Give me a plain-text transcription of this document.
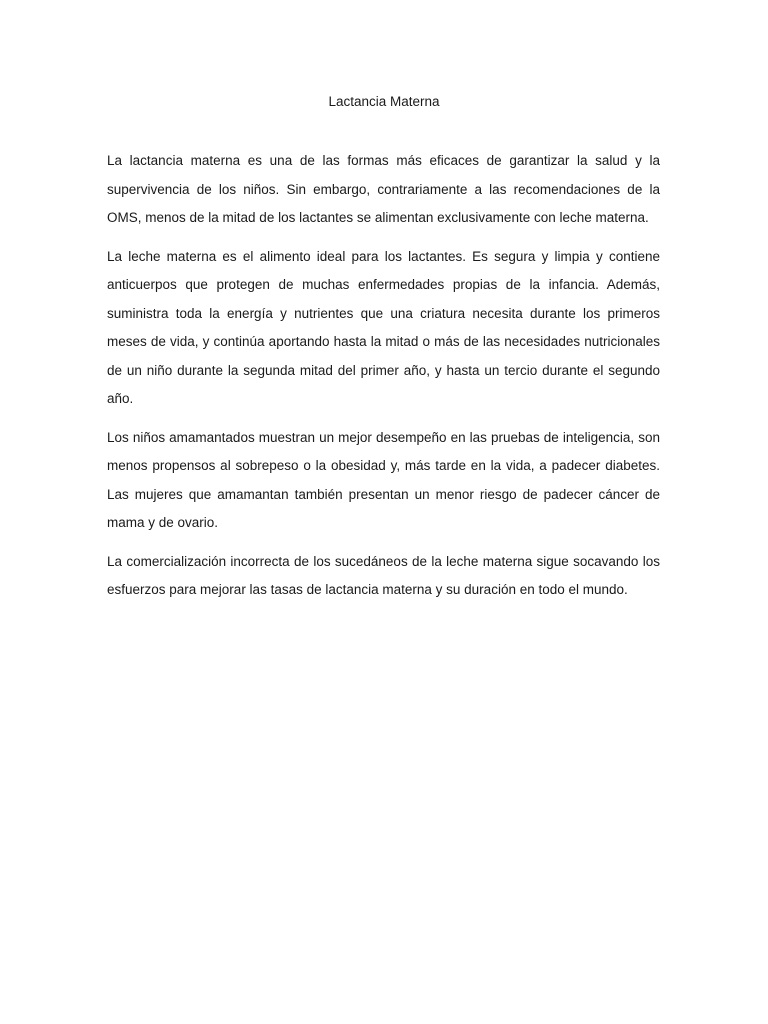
Lactancia Materna

La lactancia materna es una de las formas más eficaces de garantizar la salud y la supervivencia de los niños. Sin embargo, contrariamente a las recomendaciones de la OMS, menos de la mitad de los lactantes se alimentan exclusivamente con leche materna.

La leche materna es el alimento ideal para los lactantes. Es segura y limpia y contiene anticuerpos que protegen de muchas enfermedades propias de la infancia. Además, suministra toda la energía y nutrientes que una criatura necesita durante los primeros meses de vida, y continúa aportando hasta la mitad o más de las necesidades nutricionales de un niño durante la segunda mitad del primer año, y hasta un tercio durante el segundo año.

Los niños amamantados muestran un mejor desempeño en las pruebas de inteligencia, son menos propensos al sobrepeso o la obesidad y, más tarde en la vida, a padecer diabetes. Las mujeres que amamantan también presentan un menor riesgo de padecer cáncer de mama y de ovario.

La comercialización incorrecta de los sucedáneos de la leche materna sigue socavando los esfuerzos para mejorar las tasas de lactancia materna y su duración en todo el mundo.
